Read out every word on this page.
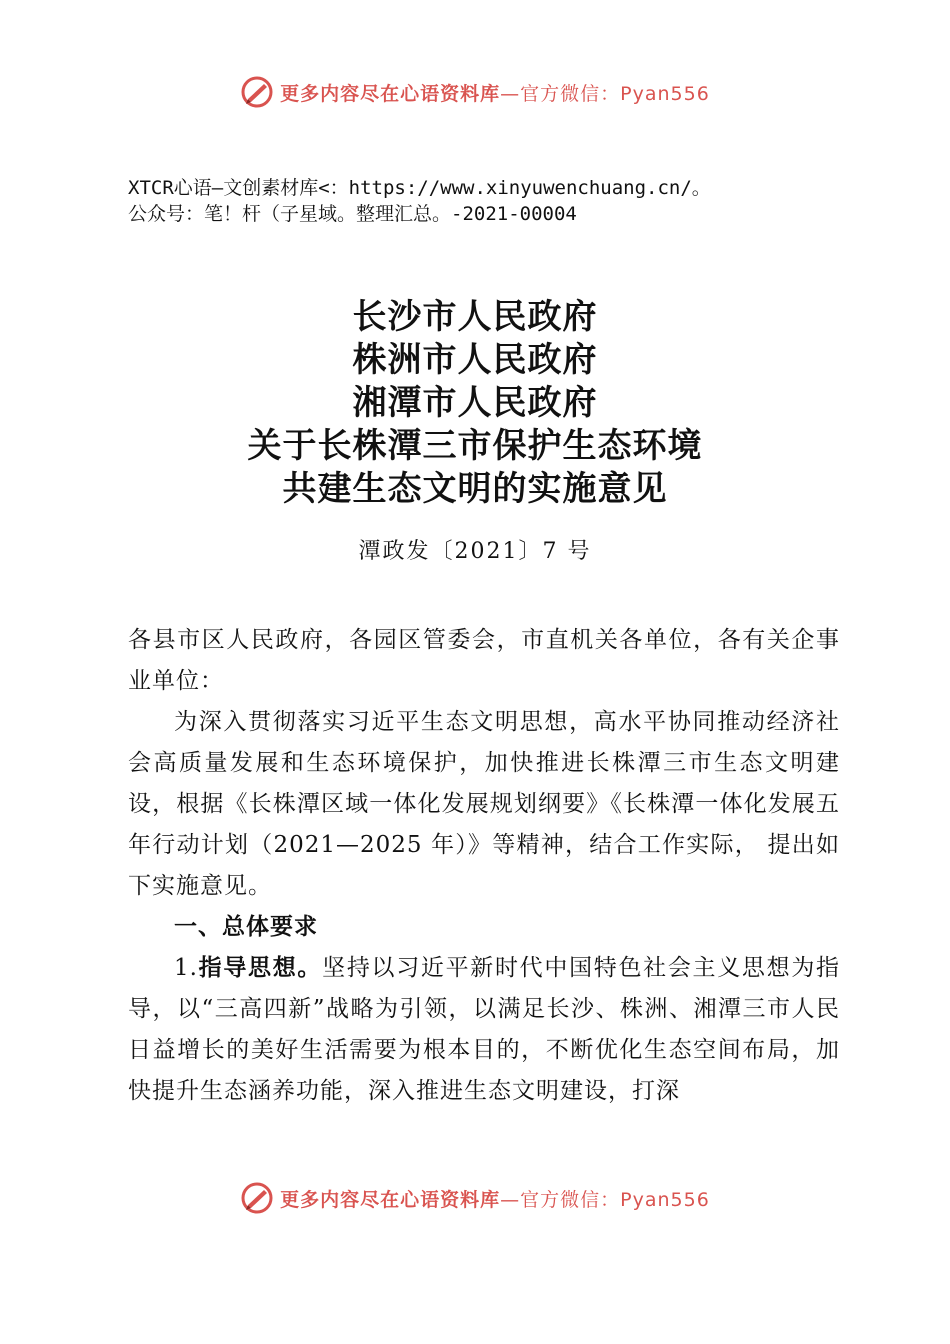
更多内容尽在心语资料库—官方微信：Pyan556
XTCR心语—文创素材库<：https://www.xinyuwenchuang.cn/。
公众号：笔！杆（子星域。整理汇总。-2021-00004
长沙市人民政府
株洲市人民政府
湘潭市人民政府
关于长株潭三市保护生态环境
共建生态文明的实施意见
潭政发〔2021〕7 号

各县市区人民政府，各园区管委会，市直机关各单位，各有关企事业单位：

为深入贯彻落实习近平生态文明思想，高水平协同推动经济社会高质量发展和生态环境保护，加快推进长株潭三市生态文明建设，根据《长株潭区域一体化发展规划纲要》《长株潭一体化发展五年行动计划（2021—2025 年）》等精神，结合工作实际， 提出如下实施意见。

一、总体要求

1.指导思想。坚持以习近平新时代中国特色社会主义思想为指导，以“三高四新”战略为引领，以满足长沙、株洲、湘潭三市人民日益增长的美好生活需要为根本目的，不断优化生态空间布局，加快提升生态涵养功能，深入推进生态文明建设，打深

更多内容尽在心语资料库—官方微信：Pyan556
